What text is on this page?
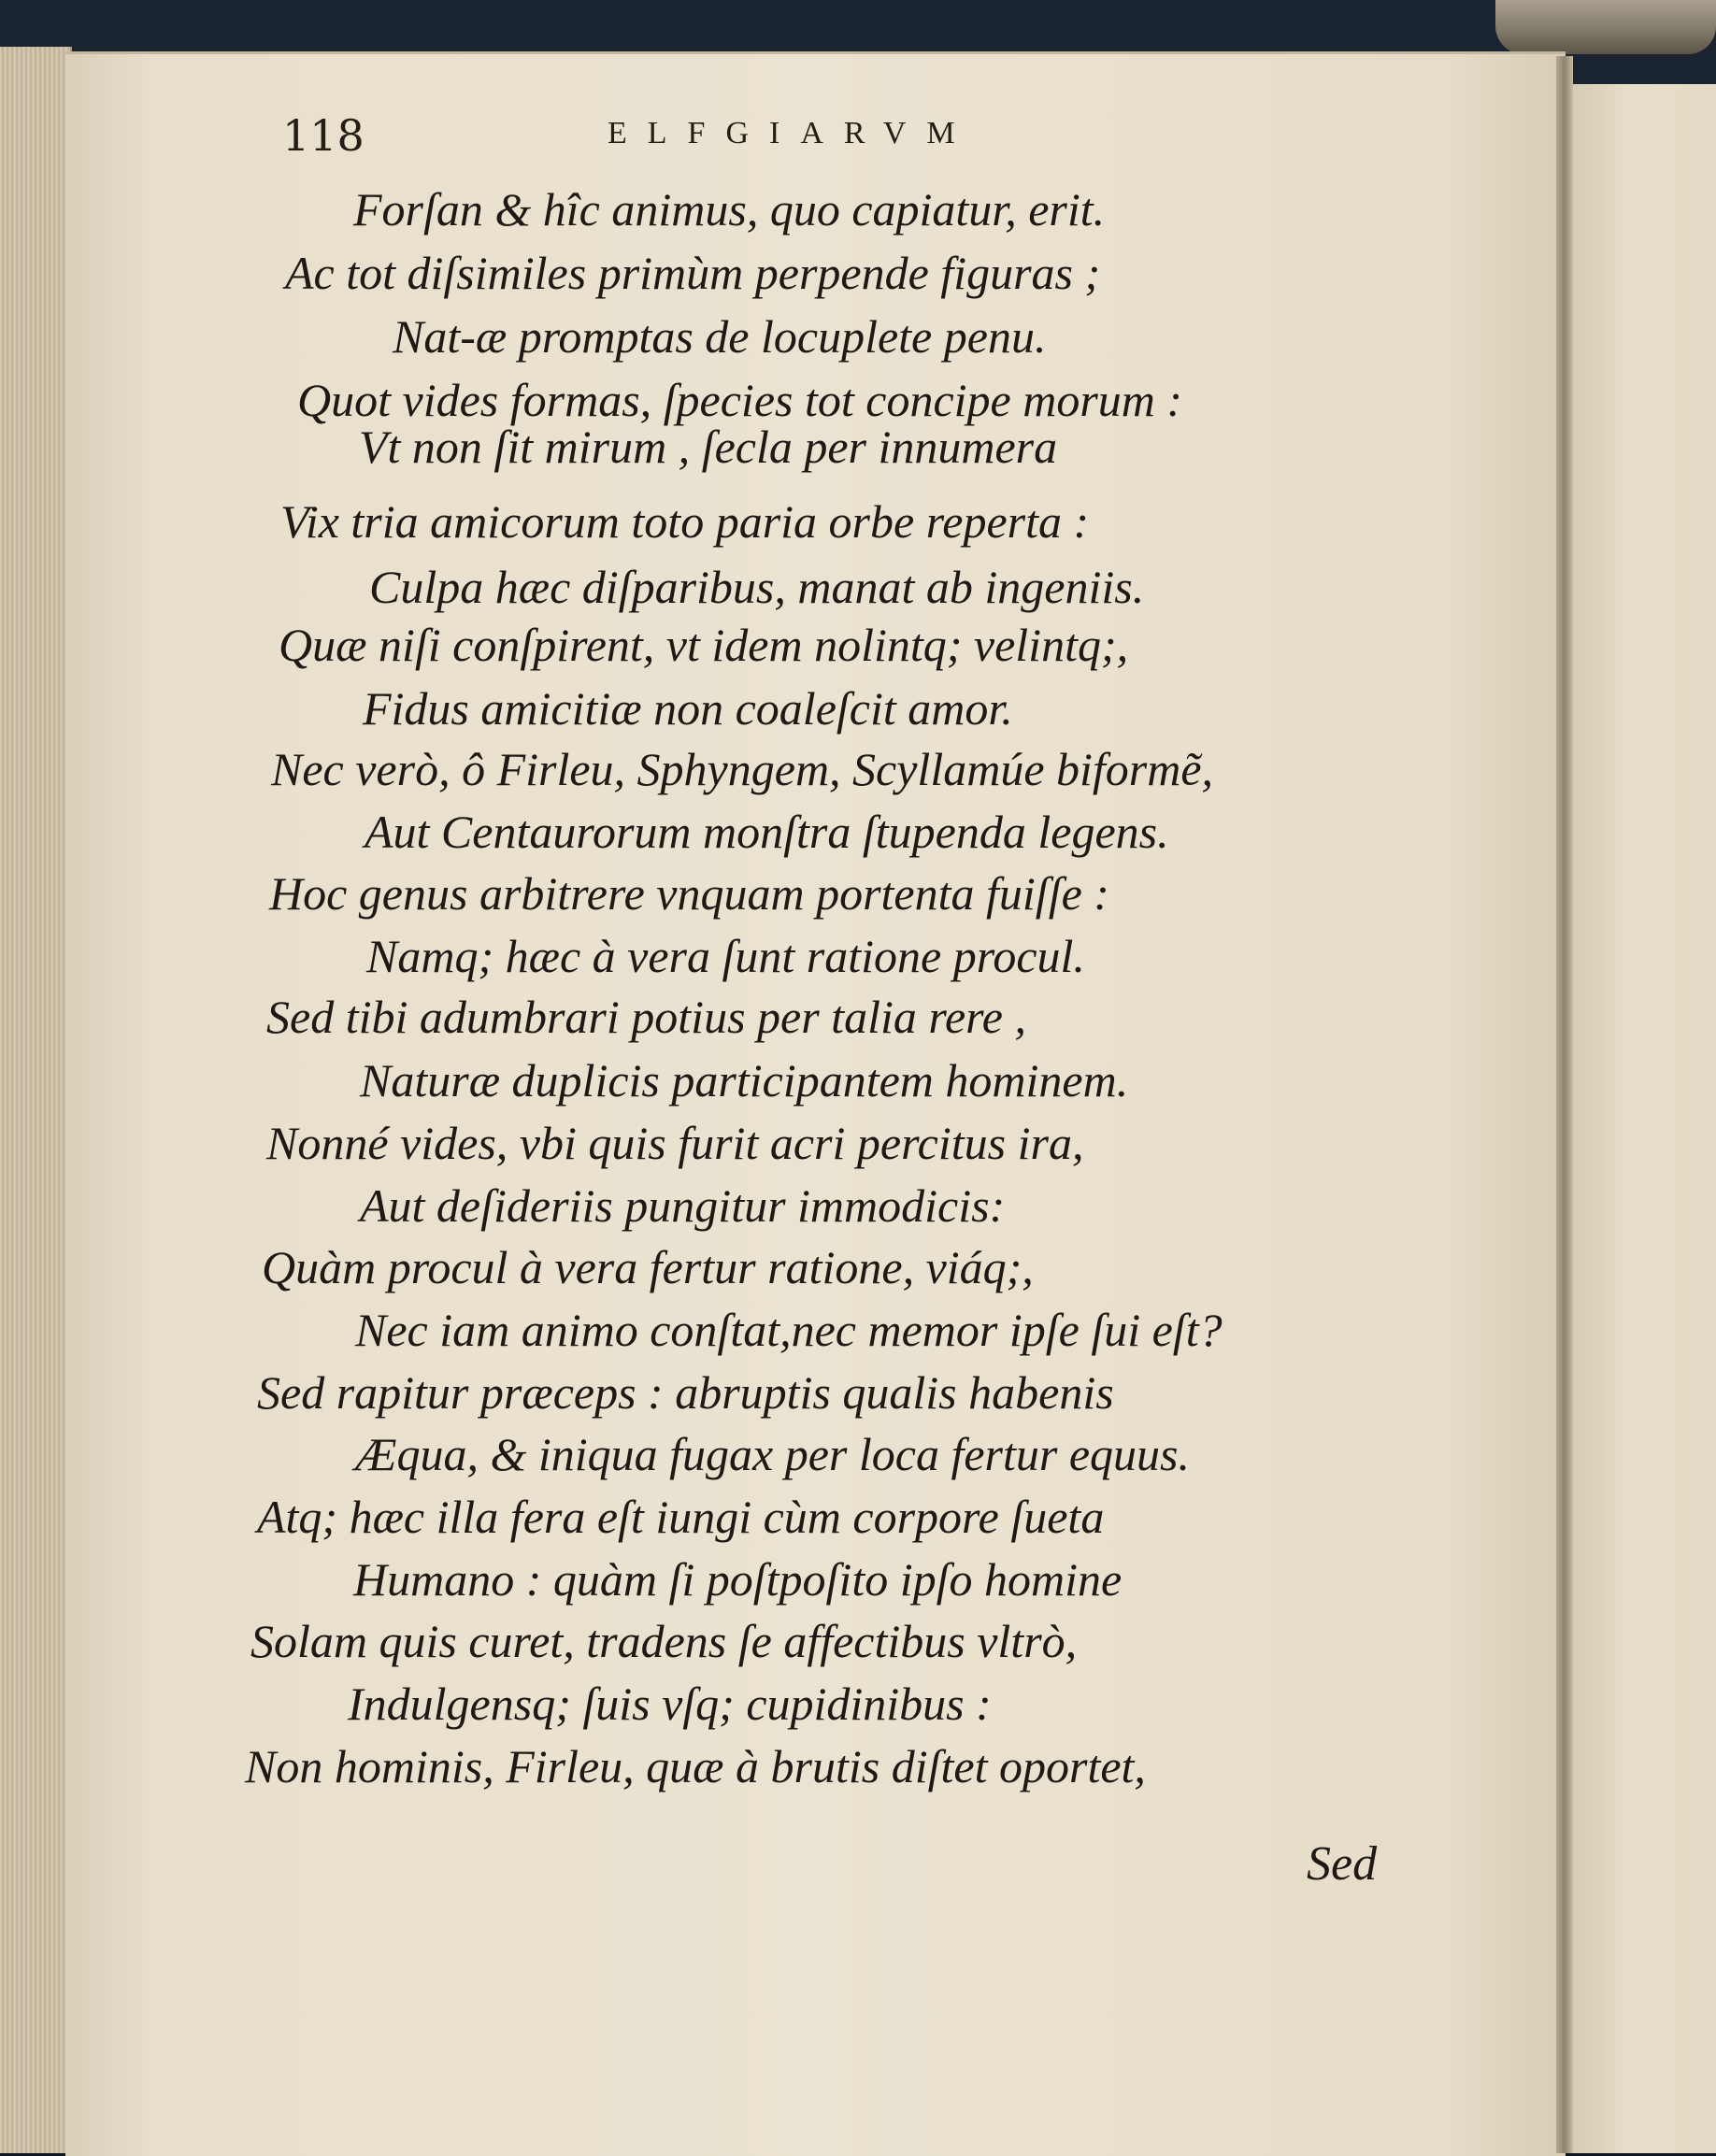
118	ELFGIARVM
Forſan & hîc animus, quo capiatur, erit.
Ac tot diſsimiles primùm perpende figuras ;
Nat-æ promptas de locuplete penu.
Quot vides formas, ſpecies tot concipe morum :
Vt non ſit mirum , ſecla per innumera
Vix tria amicorum toto paria orbe reperta :
Culpa hæc diſparibus, manat ab ingeniis.
Quæ niſi conſpirent, vt idem nolintq; velintq;,
Fidus amicitiæ non coaleſcit amor.
Nec verò, ô Firleu, Sphyngem, Scyllamúe biformẽ,
Aut Centaurorum monſtra ſtupenda legens.
Hoc genus arbitrere vnquam portenta fuiſſe :
Namq; hæc à vera ſunt ratione procul.
Sed tibi adumbrari potius per talia rere ,
Naturæ duplicis participantem hominem.
Nonné vides, vbi quis furit acri percitus ira,
Aut deſideriis pungitur immodicis:
Quàm procul à vera fertur ratione, viáq;,
Nec iam animo conſtat,nec memor ipſe ſui eſt?
Sed rapitur præceps : abruptis qualis habenis
Æqua, & iniqua fugax per loca fertur equus.
Atq; hæc illa fera eſt iungi cùm corpore ſueta
Humano : quàm ſi poſtpoſito ipſo homine
Solam quis curet, tradens ſe affectibus vltrò,
Indulgensq; ſuis vſq; cupidinibus :
Non hominis, Firleu, quæ à brutis diſtet oportet,
Sed
